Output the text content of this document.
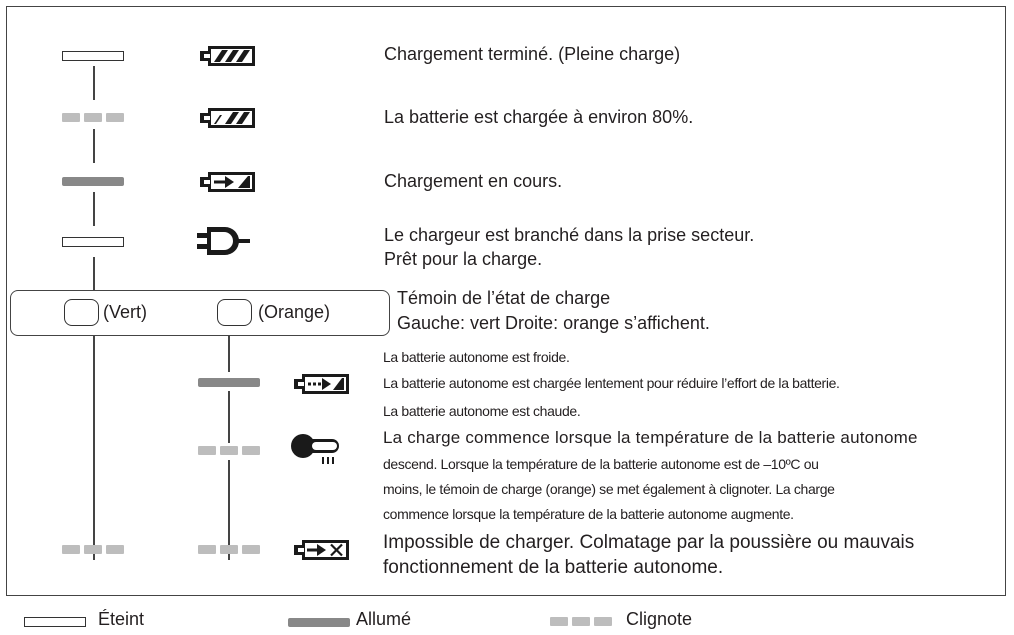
Chargement terminé. (Pleine charge)
La batterie est chargée à environ 80%.
Chargement en cours.
Le chargeur est branché dans la prise secteur.
Prêt pour la charge.
(Vert)	(Orange)
Témoin de l’état de charge
Gauche: vert Droite: orange s’affichent.
La batterie autonome est froide.
La batterie autonome est chargée lentement pour réduire l’effort de la batterie.
La batterie autonome est chaude.
La charge commence lorsque la température de la batterie autonome
descend. Lorsque la température de la batterie autonome est de –10ºC ou
moins, le témoin de charge (orange) se met également à clignoter. La charge
commence lorsque la température de la batterie autonome augmente.
Impossible de charger. Colmatage par la poussière ou mauvais
fonctionnement de la batterie autonome.
Éteint	Allumé	Clignote
